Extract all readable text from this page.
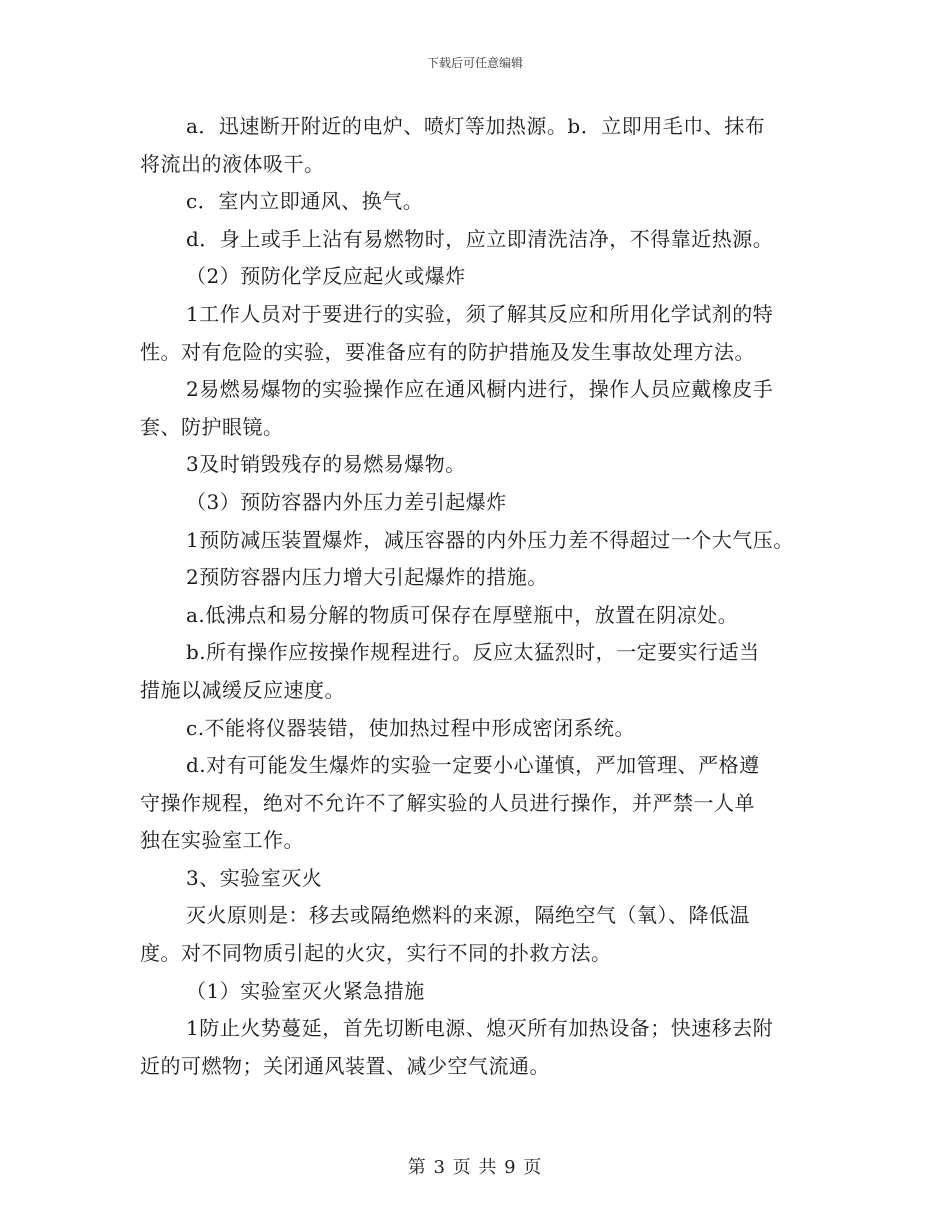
下载后可任意编辑
a．迅速断开附近的电炉、喷灯等加热源。b．立即用毛巾、抹布
将流出的液体吸干。
c．室内立即通风、换气。
d．身上或手上沾有易燃物时，应立即清洗洁净，不得靠近热源。
（2）预防化学反应起火或爆炸
1工作人员对于要进行的实验，须了解其反应和所用化学试剂的特
性。对有危险的实验，要准备应有的防护措施及发生事故处理方法。
2易燃易爆物的实验操作应在通风橱内进行，操作人员应戴橡皮手
套、防护眼镜。
3及时销毁残存的易燃易爆物。
（3）预防容器内外压力差引起爆炸
1预防减压装置爆炸，减压容器的内外压力差不得超过一个大气压。
2预防容器内压力增大引起爆炸的措施。
a.低沸点和易分解的物质可保存在厚壁瓶中，放置在阴凉处。
b.所有操作应按操作规程进行。反应太猛烈时，一定要实行适当
措施以减缓反应速度。
c.不能将仪器装错，使加热过程中形成密闭系统。
d.对有可能发生爆炸的实验一定要小心谨慎，严加管理、严格遵
守操作规程，绝对不允许不了解实验的人员进行操作，并严禁一人单
独在实验室工作。
3、实验室灭火
灭火原则是：移去或隔绝燃料的来源，隔绝空气（氧）、降低温
度。对不同物质引起的火灾，实行不同的扑救方法。
（1）实验室灭火紧急措施
1防止火势蔓延，首先切断电源、熄灭所有加热设备；快速移去附
近的可燃物；关闭通风装置、减少空气流通。
第 3 页 共 9 页
